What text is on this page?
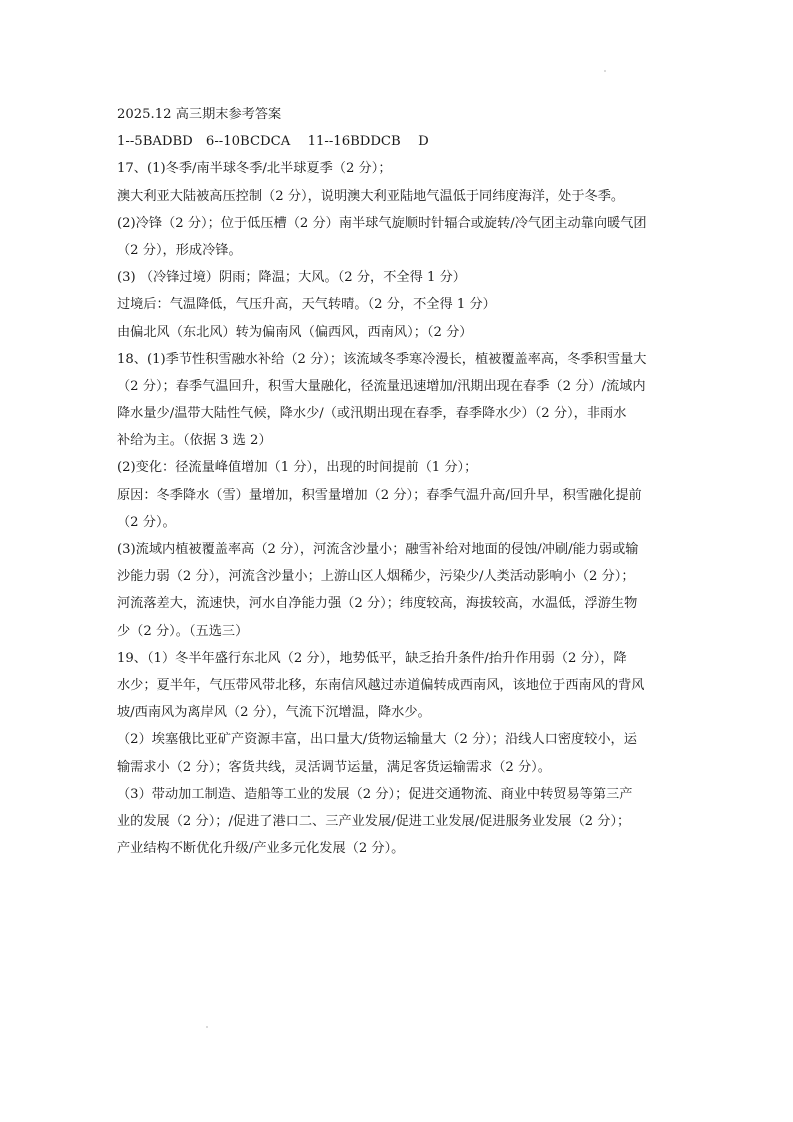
2025.12 高三期末参考答案
1--5BADBD　6--10BCDCA　 11--16BDDCB　 D
17、(1)冬季/南半球冬季/北半球夏季（2 分）；
澳大利亚大陆被高压控制（2 分），说明澳大利亚陆地气温低于同纬度海洋，处于冬季。
(2)冷锋（2 分）；位于低压槽（2 分）南半球气旋顺时针辐合或旋转/冷气团主动靠向暖气团
（2 分），形成冷锋。
(3) （冷锋过境）阴雨；降温；大风。（2 分，不全得 1 分）
过境后：气温降低，气压升高，天气转晴。（2 分，不全得 1 分）
由偏北风（东北风）转为偏南风（偏西风，西南风）；（2 分）
18、(1)季节性积雪融水补给（2 分）；该流域冬季寒冷漫长，植被覆盖率高，冬季积雪量大
（2 分）；春季气温回升，积雪大量融化，径流量迅速增加/汛期出现在春季（2 分）/流域内
降水量少/温带大陆性气候，降水少/（或汛期出现在春季，春季降水少）（2 分），非雨水
补给为主。（依据 3 选 2）
(2)变化：径流量峰值增加（1 分），出现的时间提前（1 分）；
原因：冬季降水（雪）量增加，积雪量增加（2 分）；春季气温升高/回升早，积雪融化提前
（2 分）。
(3)流域内植被覆盖率高（2 分），河流含沙量小；融雪补给对地面的侵蚀/冲刷/能力弱或输
沙能力弱（2 分），河流含沙量小；上游山区人烟稀少，污染少/人类活动影响小（2 分）；
河流落差大，流速快，河水自净能力强（2 分）；纬度较高，海拔较高，水温低，浮游生物
少（2 分）。（五选三）
19、（1）冬半年盛行东北风（2 分），地势低平，缺乏抬升条件/抬升作用弱（2 分），降
水少；夏半年，气压带风带北移，东南信风越过赤道偏转成西南风，该地位于西南风的背风
坡/西南风为离岸风（2 分），气流下沉增温，降水少。
（2）埃塞俄比亚矿产资源丰富，出口量大/货物运输量大（2 分）；沿线人口密度较小，运
输需求小（2 分）；客货共线，灵活调节运量，满足客货运输需求（2 分）。
（3）带动加工制造、造船等工业的发展（2 分）；促进交通物流、商业中转贸易等第三产
业的发展（2 分）；/促进了港口二、三产业发展/促进工业发展/促进服务业发展（2 分）；
产业结构不断优化升级/产业多元化发展（2 分）。
